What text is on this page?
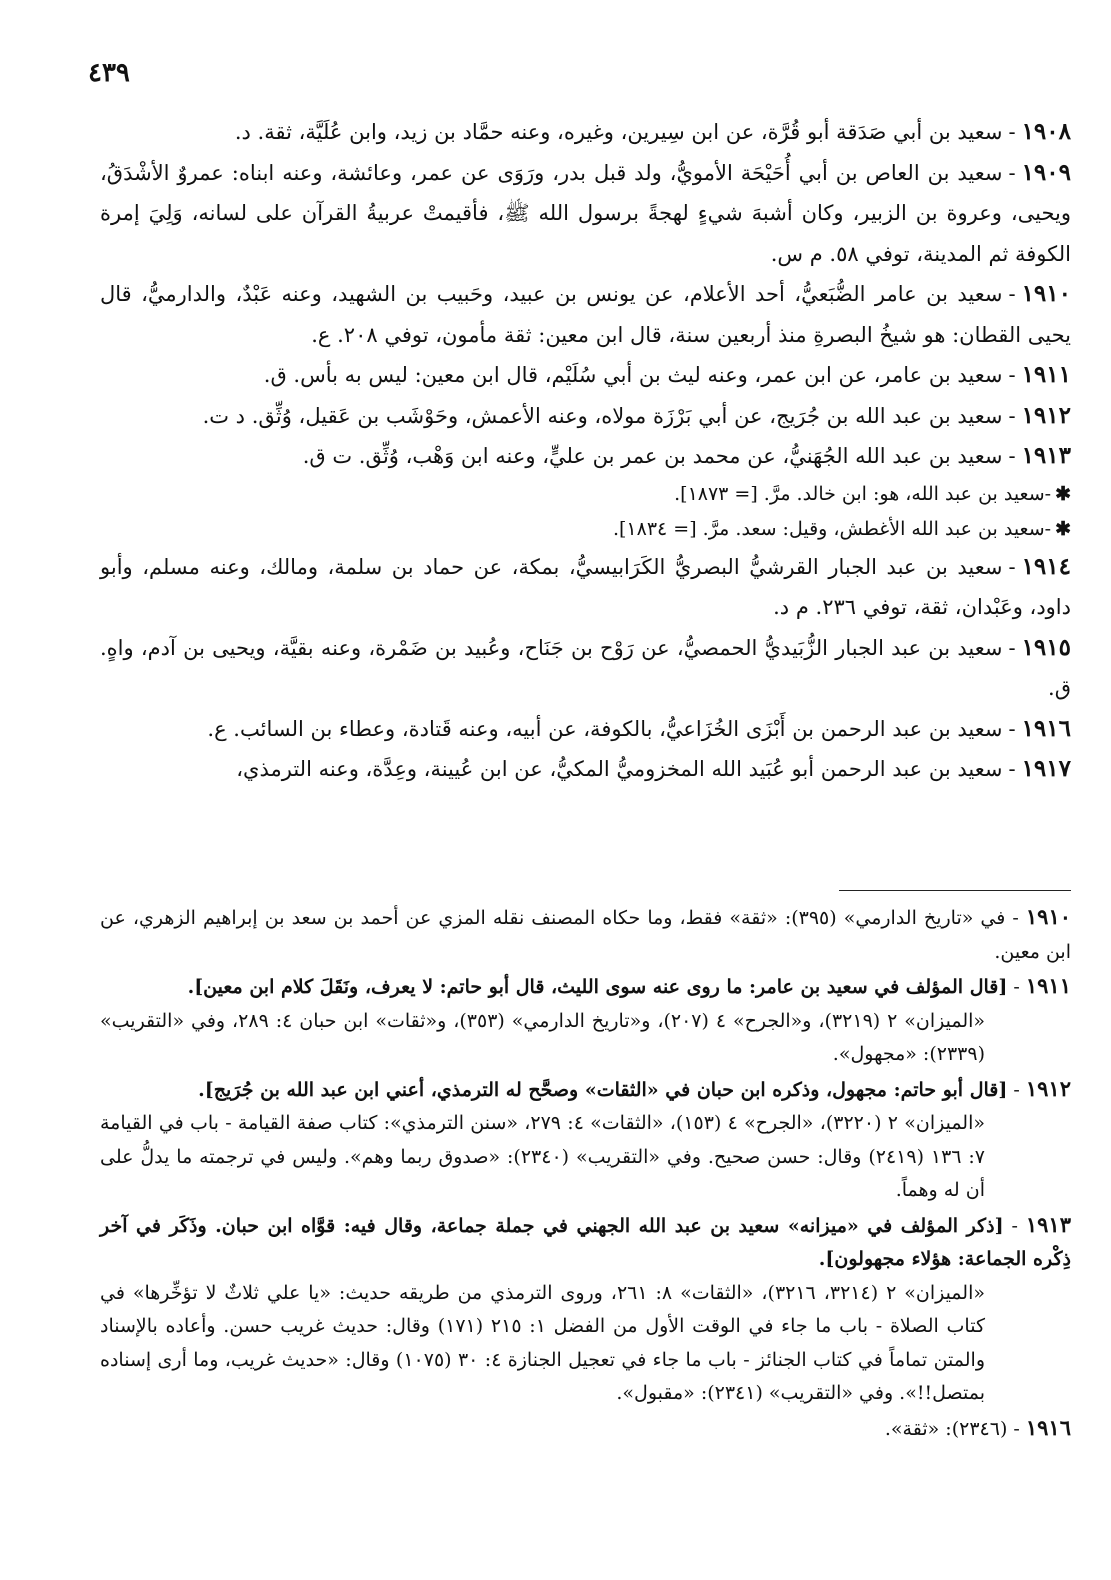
٤٣٩

١٩٠٨-سعيد بن أبي صَدَقة أبو قُرَّة، عن ابن سِيرين، وغيره، وعنه حمَّاد بن زيد، وابن عُلَيَّة، ثقة. د.

١٩٠٩-سعيد بن العاص بن أبي أُحَيْحَة الأمويُّ، ولد قبل بدر، ورَوَى عن عمر، وعائشة، وعنه ابناه: عمروٌ الأشْدَقُ، ويحيى، وعروة بن الزبير، وكان أشبهَ شيءٍ لهجةً برسول الله ﷺ، فأقيمتْ عربيةُ القرآن على لسانه، وَلِيَ إمرة الكوفة ثم المدينة، توفي ٥٨. م س.

١٩١٠-سعيد بن عامر الضُّبَعيُّ، أحد الأعلام، عن يونس بن عبيد، وحَبيب بن الشهيد، وعنه عَبْدٌ، والدارميُّ، قال يحيى القطان: هو شيخُ البصرةِ منذ أربعين سنة، قال ابن معين: ثقة مأمون، توفي ٢٠٨. ع.

١٩١١-سعيد بن عامر، عن ابن عمر، وعنه ليث بن أبي سُلَيْم، قال ابن معين: ليس به بأس. ق.

١٩١٢-سعيد بن عبد الله بن جُرَيج، عن أبي بَرْزَة مولاه، وعنه الأعمش، وحَوْشَب بن عَقيل، وُثِّق. د ت.

١٩١٣-سعيد بن عبد الله الجُهَنيُّ، عن محمد بن عمر بن عليٍّ، وعنه ابن وَهْب، وُثِّق. ت ق.

✱-سعيد بن عبد الله، هو: ابن خالد. مرَّ. [= ١٨٧٣].

✱-سعيد بن عبد الله الأغطش، وقيل: سعد. مرَّ. [= ١٨٣٤].

١٩١٤-سعيد بن عبد الجبار القرشيُّ البصريُّ الكَرَابيسيُّ، بمكة، عن حماد بن سلمة، ومالك، وعنه مسلم، وأبو داود، وعَبْدان، ثقة، توفي ٢٣٦. م د.

١٩١٥-سعيد بن عبد الجبار الزُّبَيديُّ الحمصيُّ، عن رَوْح بن جَنَاح، وعُبيد بن ضَمْرة، وعنه بقيَّة، ويحيى بن آدم، واهٍ. ق.

١٩١٦-سعيد بن عبد الرحمن بن أَبْزَى الخُزَاعيُّ، بالكوفة، عن أبيه، وعنه قَتادة، وعطاء بن السائب. ع.

١٩١٧-سعيد بن عبد الرحمن أبو عُبَيد الله المخزوميُّ المكيُّ، عن ابن عُيينة، وعِدَّة، وعنه الترمذي،

١٩١٠ - في «تاريخ الدارمي» (٣٩٥): «ثقة» فقط، وما حكاه المصنف نقله المزي عن أحمد بن سعد بن إبراهيم الزهري، عن ابن معين.

١٩١١ - [قال المؤلف في سعيد بن عامر: ما روى عنه سوى الليث، قال أبو حاتم: لا يعرف، ونَقَلَ كلام ابن معين].
«الميزان» ٢ (٣٢١٩)، و«الجرح» ٤ (٢٠٧)، و«تاريخ الدارمي» (٣٥٣)، و«ثقات» ابن حبان ٤: ٢٨٩، وفي «التقريب» (٢٣٣٩): «مجهول».

١٩١٢ - [قال أبو حاتم: مجهول، وذكره ابن حبان في «الثقات» وصحَّح له الترمذي، أعني ابن عبد الله بن جُرَيج].
«الميزان» ٢ (٣٢٢٠)، «الجرح» ٤ (١٥٣)، «الثقات» ٤: ٢٧٩، «سنن الترمذي»: كتاب صفة القيامة - باب في القيامة ٧: ١٣٦ (٢٤١٩) وقال: حسن صحيح. وفي «التقريب» (٢٣٤٠): «صدوق ربما وهم». وليس في ترجمته ما يدلُّ على أن له وهماً.

١٩١٣ - [ذكر المؤلف في «ميزانه» سعيد بن عبد الله الجهني في جملة جماعة، وقال فيه: قوَّاه ابن حبان. وذَكَر في آخر ذِكْره الجماعة: هؤلاء مجهولون].
«الميزان» ٢ (٣٢١٤، ٣٢١٦)، «الثقات» ٨: ٢٦١، وروى الترمذي من طريقه حديث: «يا علي ثلاثٌ لا تؤخِّرها» في كتاب الصلاة - باب ما جاء في الوقت الأول من الفضل ١: ٢١٥ (١٧١) وقال: حديث غريب حسن. وأعاده بالإسناد والمتن تماماً في كتاب الجنائز - باب ما جاء في تعجيل الجنازة ٤: ٣٠ (١٠٧٥) وقال: «حديث غريب، وما أرى إسناده بمتصل!!». وفي «التقريب» (٢٣٤١): «مقبول».

١٩١٦ - (٢٣٤٦): «ثقة».
